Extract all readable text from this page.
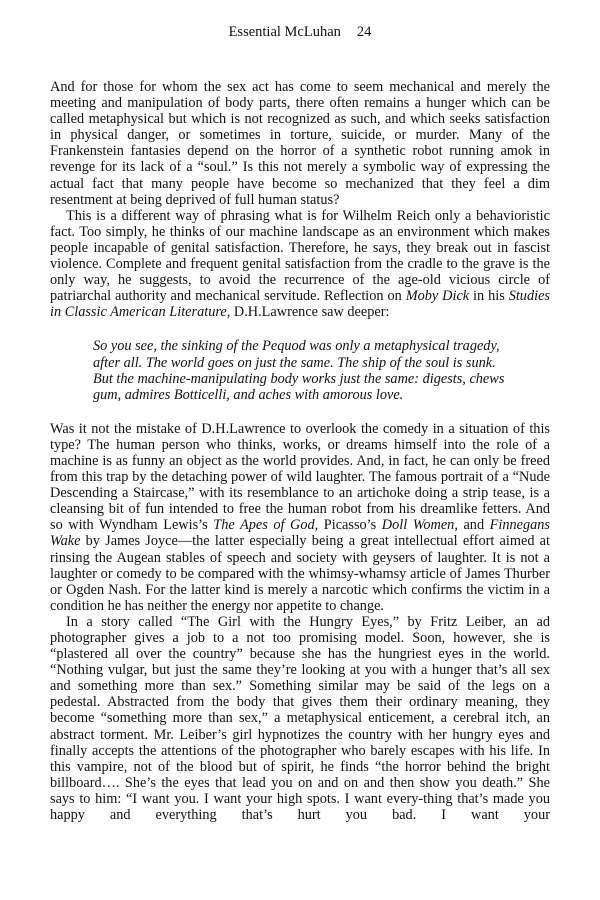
Essential McLuhan 24

And for those for whom the sex act has come to seem mechanical and merely the meeting and manipulation of body parts, there often remains a hunger which can be called metaphysical but which is not recognized as such, and which seeks satisfaction in physical danger, or sometimes in torture, suicide, or murder. Many of the Frankenstein fantasies depend on the horror of a synthetic robot running amok in revenge for its lack of a “soul.” Is this not merely a symbolic way of expressing the actual fact that many people have become so mechanized that they feel a dim resentment at being deprived of full human status?

This is a different way of phrasing what is for Wilhelm Reich only a behavioristic fact. Too simply, he thinks of our machine landscape as an environment which makes people incapable of genital satisfaction. Therefore, he says, they break out in fascist violence. Complete and frequent genital satisfaction from the cradle to the grave is the only way, he suggests, to avoid the recurrence of the age-old vicious circle of patriarchal authority and mechanical servitude. Reflection on Moby Dick in his Studies in Classic American Literature, D.H.Lawrence saw deeper:

So you see, the sinking of the Pequod was only a metaphysical tragedy, after all. The world goes on just the same. The ship of the soul is sunk. But the machine-manipulating body works just the same: digests, chews gum, admires Botticelli, and aches with amorous love.

Was it not the mistake of D.H.Lawrence to overlook the comedy in a situation of this type? The human person who thinks, works, or dreams himself into the role of a machine is as funny an object as the world provides. And, in fact, he can only be freed from this trap by the detaching power of wild laughter. The famous portrait of a “Nude Descending a Staircase,” with its resemblance to an artichoke doing a strip tease, is a cleansing bit of fun intended to free the human robot from his dreamlike fetters. And so with Wyndham Lewis’s The Apes of God, Picasso’s Doll Women, and Finnegans Wake by James Joyce—the latter especially being a great intellectual effort aimed at rinsing the Augean stables of speech and society with geysers of laughter. It is not a laughter or comedy to be compared with the whimsy-whamsy article of James Thurber or Ogden Nash. For the latter kind is merely a narcotic which confirms the victim in a condition he has neither the energy nor appetite to change.

In a story called “The Girl with the Hungry Eyes,” by Fritz Leiber, an ad photographer gives a job to a not too promising model. Soon, however, she is “plastered all over the country” because she has the hungriest eyes in the world. “Nothing vulgar, but just the same they’re looking at you with a hunger that’s all sex and something more than sex.” Something similar may be said of the legs on a pedestal. Abstracted from the body that gives them their ordinary meaning, they become “something more than sex,” a metaphysical enticement, a cerebral itch, an abstract torment. Mr. Leiber’s girl hypnotizes the country with her hungry eyes and finally accepts the attentions of the photographer who barely escapes with his life. In this vampire, not of the blood but of spirit, he finds “the horror behind the bright billboard…. She’s the eyes that lead you on and on and then show you death.” She says to him: “I want you. I want your high spots. I want every-thing that’s made you happy and everything that’s hurt you bad. I want your
